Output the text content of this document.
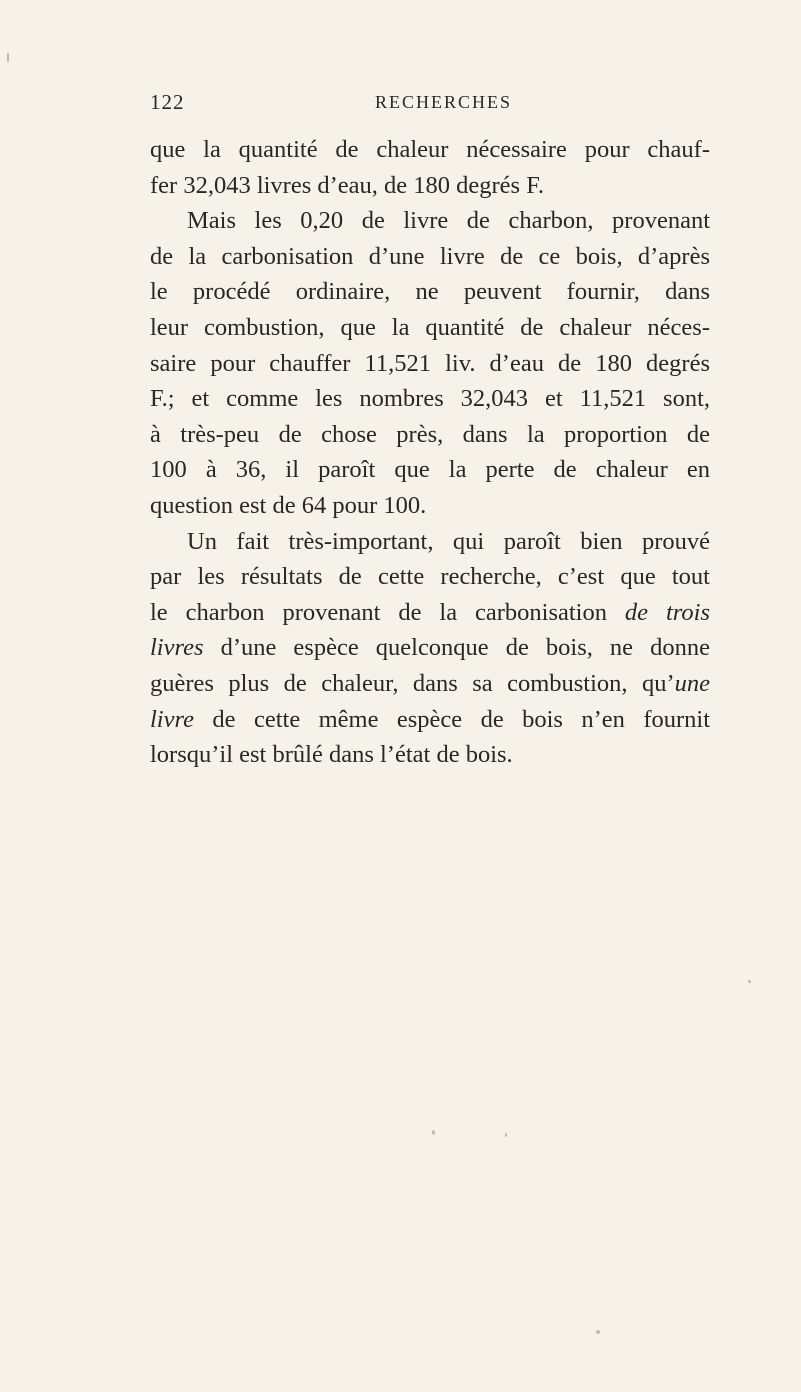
122	RECHERCHES

que la quantité de chaleur nécessaire pour chauf-
fer 32,043 livres d’eau, de 180 degrés F.

Mais les 0,20 de livre de charbon, provenant
de la carbonisation d’une livre de ce bois, d’après
le procédé ordinaire, ne peuvent fournir, dans
leur combustion, que la quantité de chaleur néces-
saire pour chauffer 11,521 liv. d’eau de 180 degrés
F.; et comme les nombres 32,043 et 11,521 sont,
à très-peu de chose près, dans la proportion de
100 à 36, il paroît que la perte de chaleur en
question est de 64 pour 100.

Un fait très-important, qui paroît bien prouvé
par les résultats de cette recherche, c’est que tout
le charbon provenant de la carbonisation de trois
livres d’une espèce quelconque de bois, ne donne
guères plus de chaleur, dans sa combustion, qu’une
livre de cette même espèce de bois n’en fournit
lorsqu’il est brûlé dans l’état de bois.
